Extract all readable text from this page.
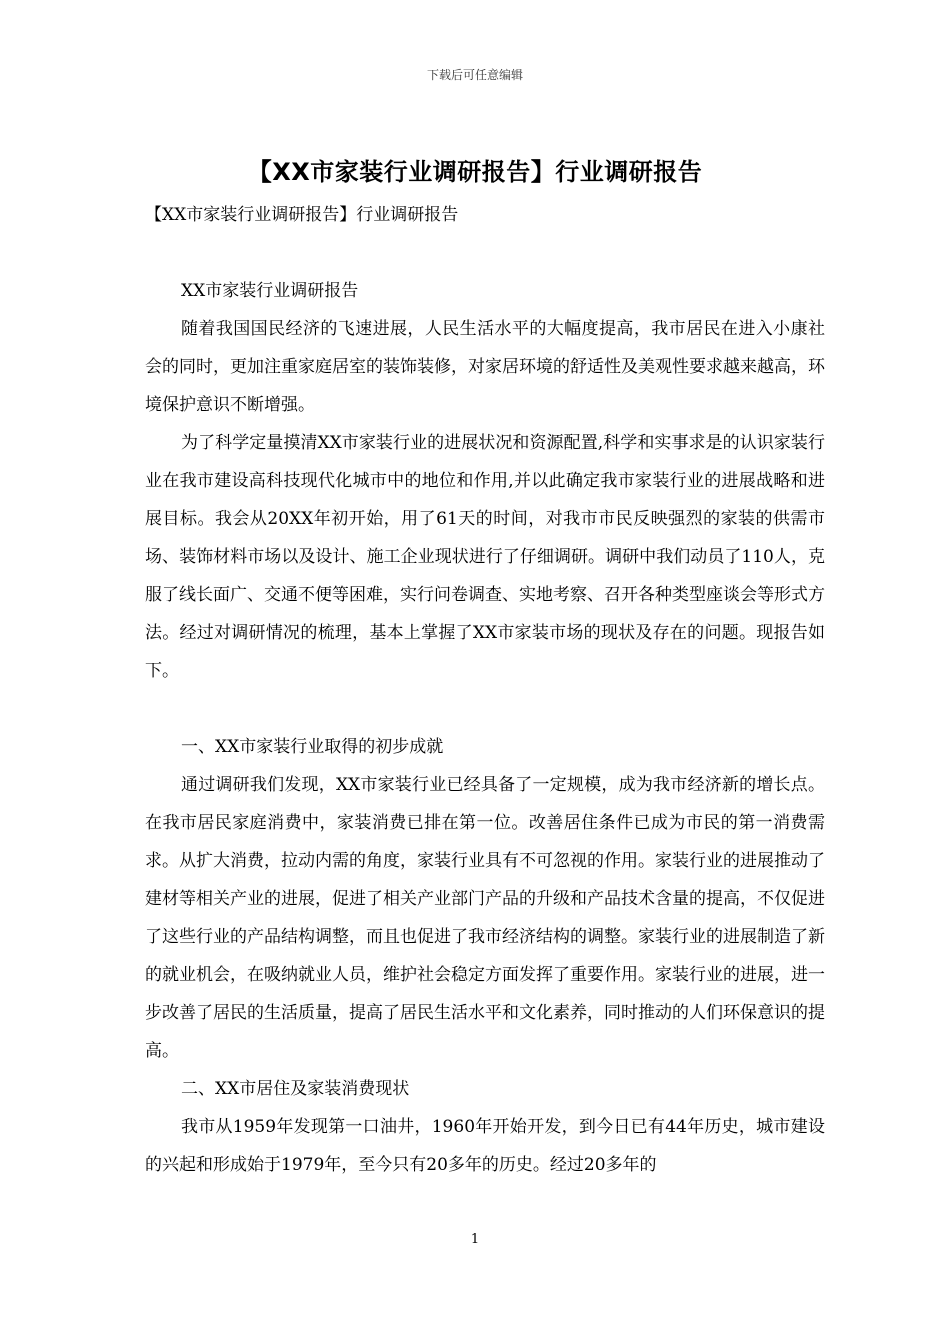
下载后可任意编辑
【XX市家装行业调研报告】行业调研报告

【XX市家装行业调研报告】行业调研报告

XX市家装行业调研报告

随着我国国民经济的飞速进展，人民生活水平的大幅度提高，我市居民在进入小康社会的同时，更加注重家庭居室的装饰装修，对家居环境的舒适性及美观性要求越来越高，环境保护意识不断增强。

为了科学定量摸清XX市家装行业的进展状况和资源配置,科学和实事求是的认识家装行业在我市建设高科技现代化城市中的地位和作用,并以此确定我市家装行业的进展战略和进展目标。我会从20XX年初开始，用了61天的时间，对我市市民反映强烈的家装的供需市场、装饰材料市场以及设计、施工企业现状进行了仔细调研。调研中我们动员了110人，克服了线长面广、交通不便等困难，实行问卷调查、实地考察、召开各种类型座谈会等形式方法。经过对调研情况的梳理，基本上掌握了XX市家装市场的现状及存在的问题。现报告如下。

一、XX市家装行业取得的初步成就

通过调研我们发现，XX市家装行业已经具备了一定规模，成为我市经济新的增长点。在我市居民家庭消费中，家装消费已排在第一位。改善居住条件已成为市民的第一消费需求。从扩大消费，拉动内需的角度，家装行业具有不可忽视的作用。家装行业的进展推动了建材等相关产业的进展，促进了相关产业部门产品的升级和产品技术含量的提高，不仅促进了这些行业的产品结构调整，而且也促进了我市经济结构的调整。家装行业的进展制造了新的就业机会，在吸纳就业人员，维护社会稳定方面发挥了重要作用。家装行业的进展，进一步改善了居民的生活质量，提高了居民生活水平和文化素养，同时推动的人们环保意识的提高。

二、XX市居住及家装消费现状

我市从1959年发现第一口油井，1960年开始开发，到今日已有44年历史，城市建设的兴起和形成始于1979年，至今只有20多年的历史。经过20多年的

1
